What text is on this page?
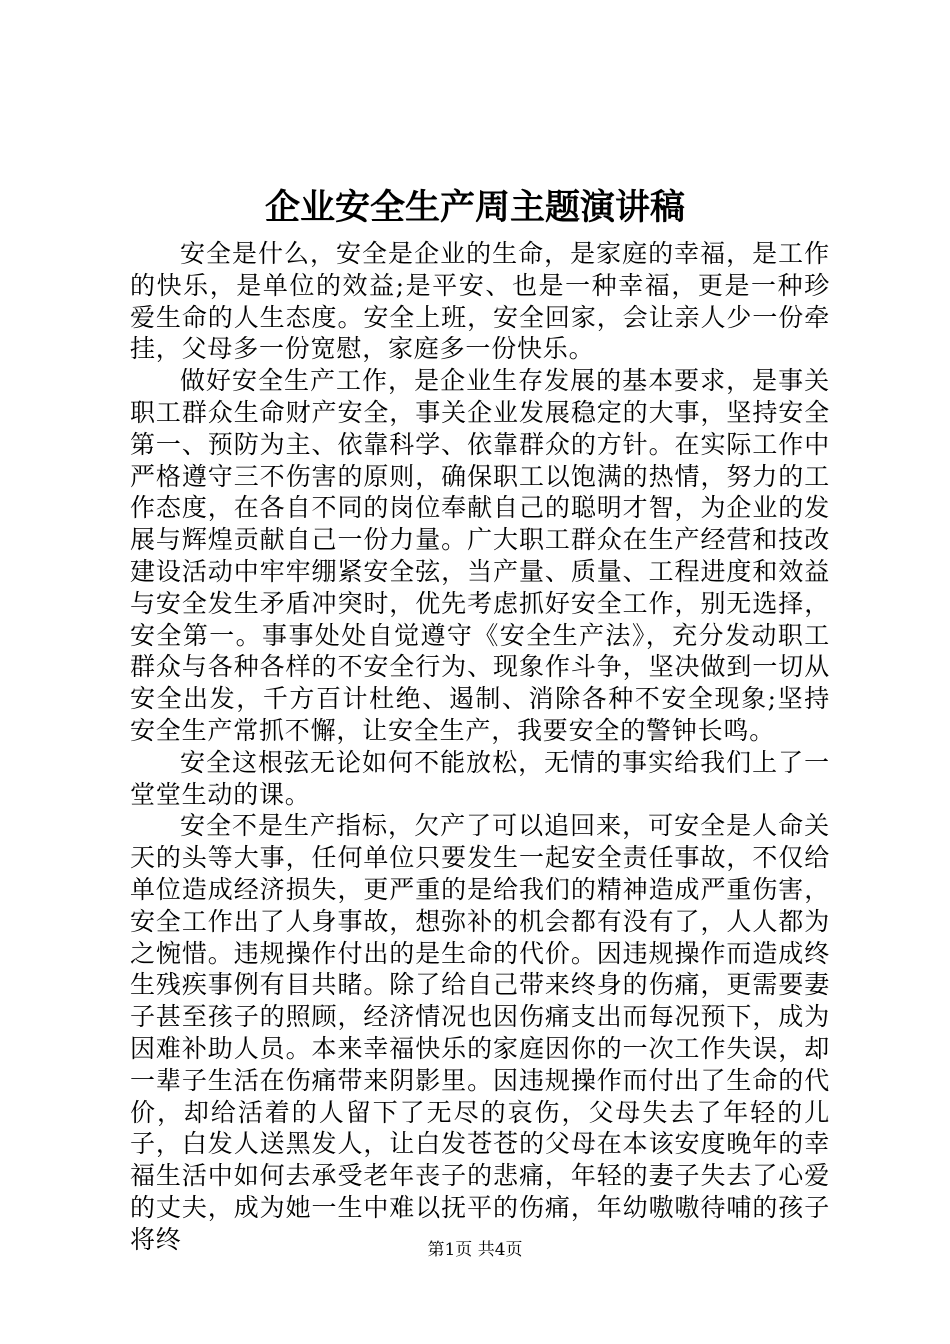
企业安全生产周主题演讲稿

安全是什么，安全是企业的生命，是家庭的幸福，是工作的快乐，是单位的效益;是平安、也是一种幸福，更是一种珍爱生命的人生态度。安全上班，安全回家，会让亲人少一份牵挂，父母多一份宽慰，家庭多一份快乐。

做好安全生产工作，是企业生存发展的基本要求，是事关职工群众生命财产安全，事关企业发展稳定的大事，坚持安全第一、预防为主、依靠科学、依靠群众的方针。在实际工作中严格遵守三不伤害的原则，确保职工以饱满的热情，努力的工作态度，在各自不同的岗位奉献自己的聪明才智，为企业的发展与辉煌贡献自己一份力量。广大职工群众在生产经营和技改建设活动中牢牢绷紧安全弦，当产量、质量、工程进度和效益与安全发生矛盾冲突时，优先考虑抓好安全工作，别无选择，安全第一。事事处处自觉遵守《安全生产法》，充分发动职工群众与各种各样的不安全行为、现象作斗争，坚决做到一切从安全出发，千方百计杜绝、遏制、消除各种不安全现象;坚持安全生产常抓不懈，让安全生产，我要安全的警钟长鸣。

安全这根弦无论如何不能放松，无情的事实给我们上了一堂堂生动的课。

安全不是生产指标，欠产了可以追回来，可安全是人命关天的头等大事，任何单位只要发生一起安全责任事故，不仅给单位造成经济损失，更严重的是给我们的精神造成严重伤害，安全工作出了人身事故，想弥补的机会都有没有了，人人都为之惋惜。违规操作付出的是生命的代价。因违规操作而造成终生残疾事例有目共睹。除了给自己带来终身的伤痛，更需要妻子甚至孩子的照顾，经济情况也因伤痛支出而每况预下，成为因难补助人员。本来幸福快乐的家庭因你的一次工作失误，却一辈子生活在伤痛带来阴影里。因违规操作而付出了生命的代价，却给活着的人留下了无尽的哀伤，父母失去了年轻的儿子，白发人送黑发人，让白发苍苍的父母在本该安度晚年的幸福生活中如何去承受老年丧子的悲痛，年轻的妻子失去了心爱的丈夫，成为她一生中难以抚平的伤痛，年幼嗷嗷待哺的孩子将终	第1页 共4页
